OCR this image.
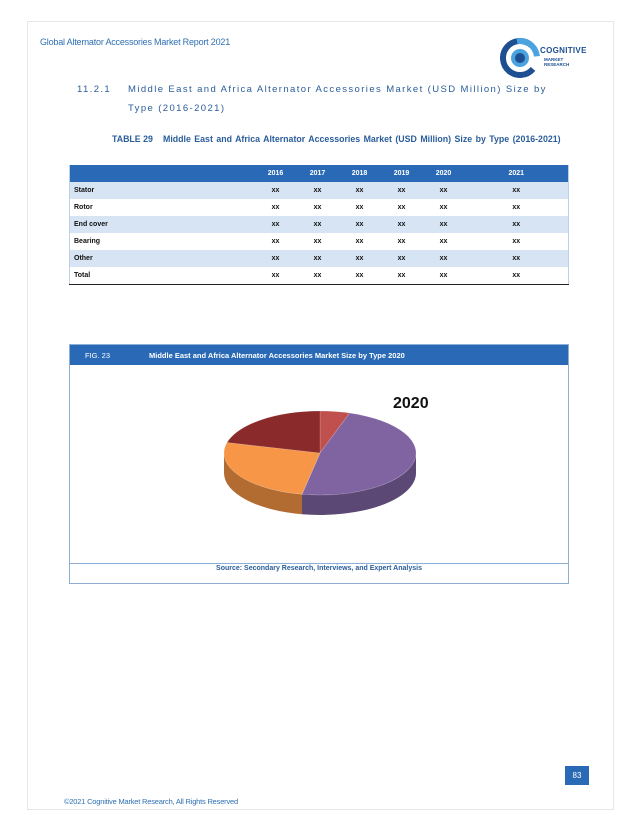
Global Alternator Accessories Market Report 2021
COGNITIVE
MARKET
RESEARCH
11.2.1 Middle East and Africa Alternator Accessories Market (USD Million) Size by Type (2016-2021)
TABLE 29 Middle East and Africa Alternator Accessories Market (USD Million) Size by Type (2016-2021)
	2016	2017	2018	2019	2020	2021
Stator	xx	xx	xx	xx	xx	xx
Rotor	xx	xx	xx	xx	xx	xx
End cover	xx	xx	xx	xx	xx	xx
Bearing	xx	xx	xx	xx	xx	xx
Other	xx	xx	xx	xx	xx	xx
Total	xx	xx	xx	xx	xx	xx
FIG. 23	Middle East and Africa Alternator Accessories Market Size by Type 2020
2020
Source: Secondary Research, Interviews, and Expert Analysis
83
©2021 Cognitive Market Research, All Rights Reserved
